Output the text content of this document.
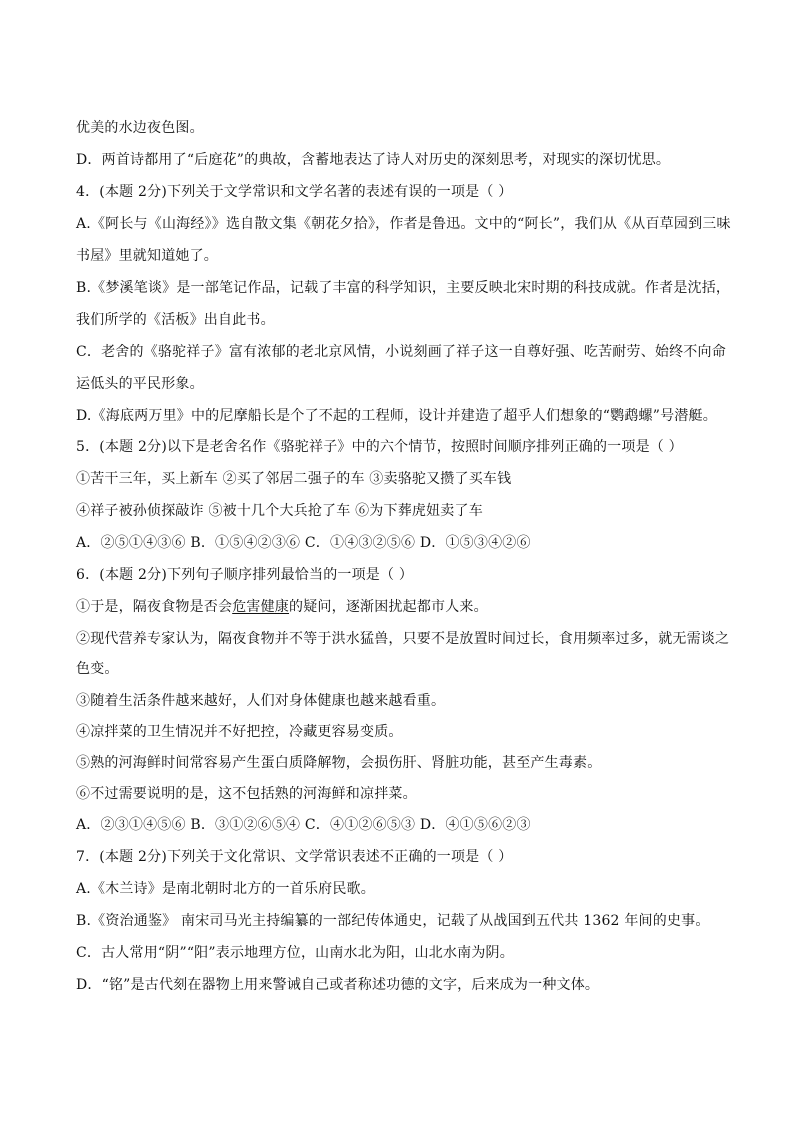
优美的水边夜色图。
D．两首诗都用了“后庭花”的典故，含蓄地表达了诗人对历史的深刻思考，对现实的深切忧思。
4．(本题 2分)下列关于文学常识和文学名著的表述有误的一项是（ ）
A.《阿长与《山海经》》选自散文集《朝花夕拾》，作者是鲁迅。文中的“阿长”，我们从《从百草园到三味
书屋》里就知道她了。
B.《梦溪笔谈》是一部笔记作品，记载了丰富的科学知识，主要反映北宋时期的科技成就。作者是沈括，
我们所学的《活板》出自此书。
C．老舍的《骆驼祥子》富有浓郁的老北京风情，小说刻画了祥子这一自尊好强、吃苦耐劳、始终不向命
运低头的平民形象。
D.《海底两万里》中的尼摩船长是个了不起的工程师，设计并建造了超乎人们想象的“鹦鹉螺”号潜艇。
5．(本题 2分)以下是老舍名作《骆驼祥子》中的六个情节，按照时间顺序排列正确的一项是（ ）
①苦干三年，买上新车 ②买了邻居二强子的车 ③卖骆驼又攒了买车钱
④祥子被孙侦探敲诈 ⑤被十几个大兵抢了车 ⑥为下葬虎妞卖了车
A．②⑤①④③⑥ B．①⑤④②③⑥ C．①④③②⑤⑥ D．①⑤③④②⑥
6．(本题 2分)下列句子顺序排列最恰当的一项是（ ）
①于是，隔夜食物是否会危害健康的疑问，逐渐困扰起都市人来。
②现代营养专家认为，隔夜食物并不等于洪水猛兽，只要不是放置时间过长，食用频率过多，就无需谈之
色变。
③随着生活条件越来越好，人们对身体健康也越来越看重。
④凉拌菜的卫生情况并不好把控，冷藏更容易变质。
⑤熟的河海鲜时间常容易产生蛋白质降解物，会损伤肝、肾脏功能，甚至产生毒素。
⑥不过需要说明的是，这不包括熟的河海鲜和凉拌菜。
A．②③①④⑤⑥ B．③①②⑥⑤④ C．④①②⑥⑤③ D．④①⑤⑥②③
7．(本题 2分)下列关于文化常识、文学常识表述不正确的一项是（ ）
A.《木兰诗》是南北朝时北方的一首乐府民歌。
B.《资治通鉴》 南宋司马光主持编纂的一部纪传体通史，记载了从战国到五代共 1362 年间的史事。
C．古人常用“阴”“阳”表示地理方位，山南水北为阳，山北水南为阴。
D．“铭”是古代刻在器物上用来警诫自己或者称述功德的文字，后来成为一种文体。
